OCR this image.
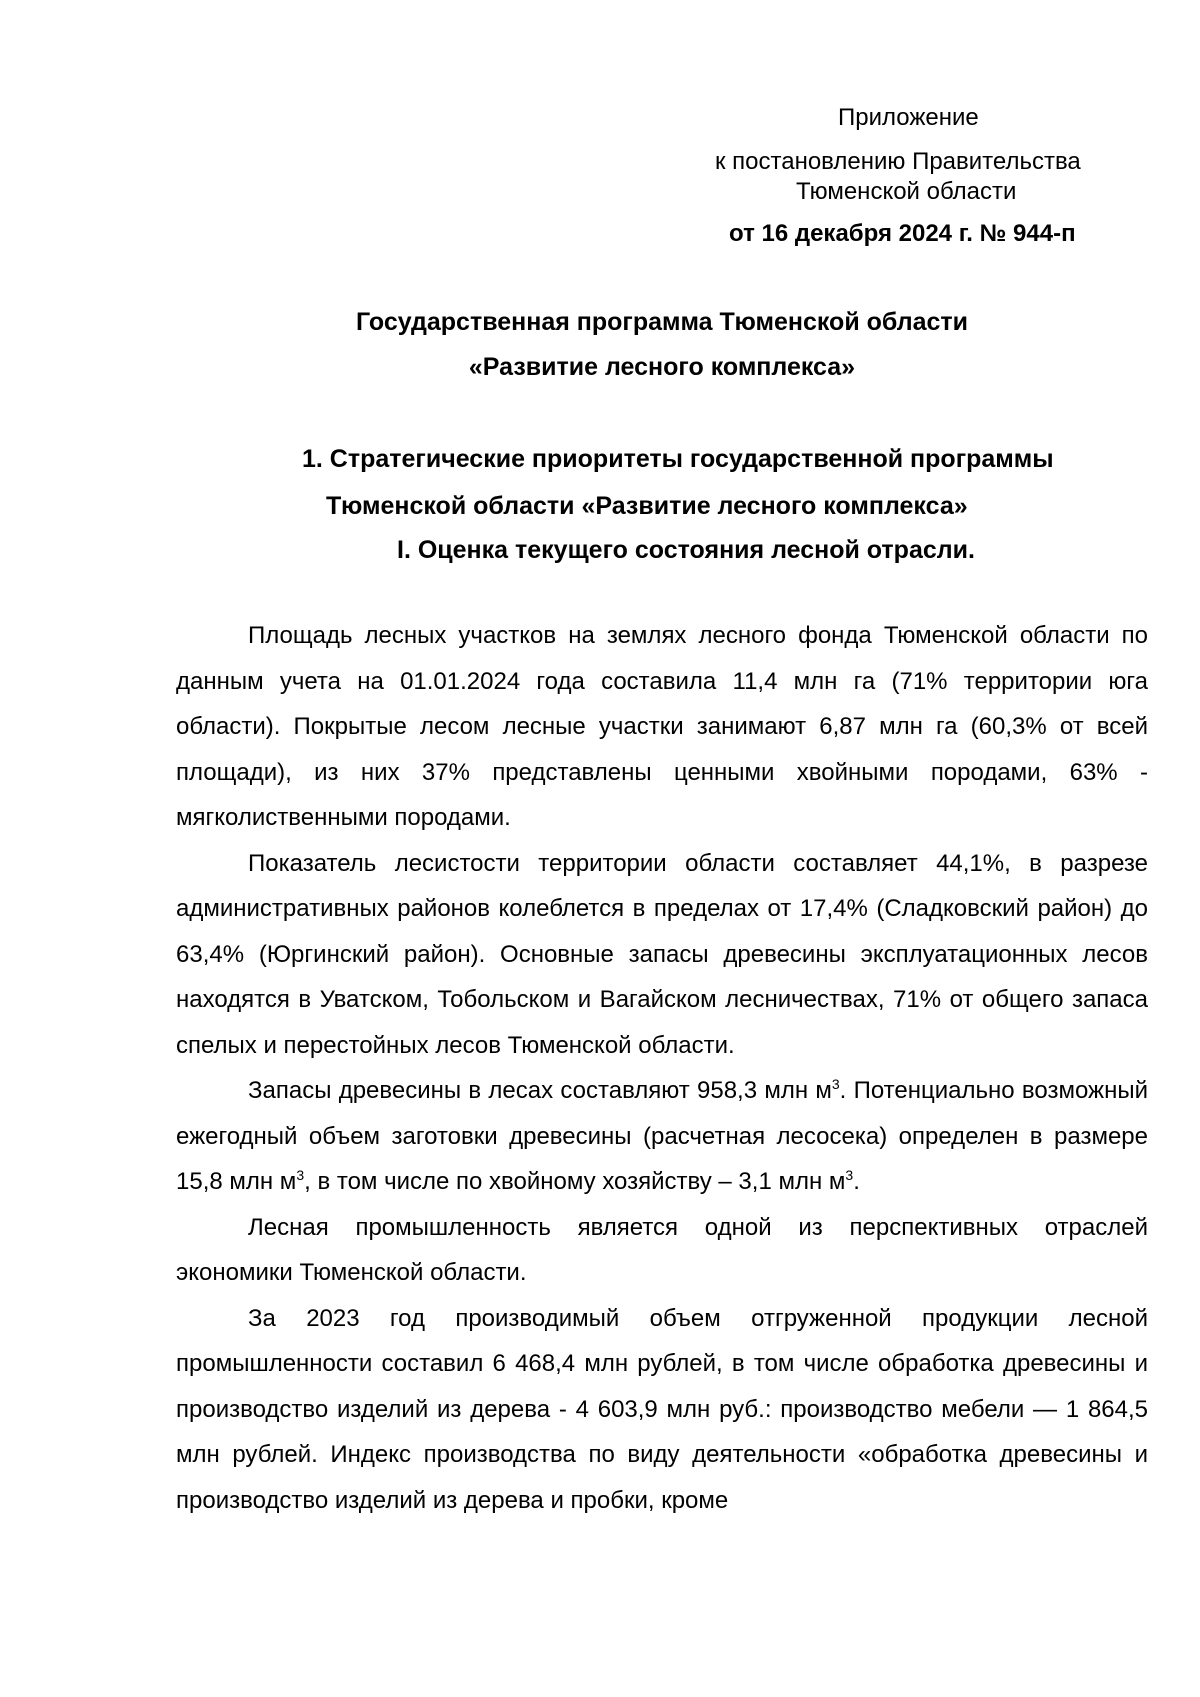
Приложение
к постановлению Правительства
Тюменской области
от 16 декабря 2024 г. № 944-п
Государственная программа Тюменской области
«Развитие лесного комплекса»
1. Стратегические приоритеты государственной программы
Тюменской области «Развитие лесного комплекса»
I. Оценка текущего состояния лесной отрасли.

Площадь лесных участков на землях лесного фонда Тюменской области по данным учета на 01.01.2024 года составила 11,4 млн га (71% территории юга области). Покрытые лесом лесные участки занимают 6,87 млн га (60,3% от всей площади), из них 37% представлены ценными хвойными породами, 63% - мягколиственными породами.

Показатель лесистости территории области составляет 44,1%, в разрезе административных районов колеблется в пределах от 17,4% (Сладковский район) до 63,4% (Юргинский район). Основные запасы древесины эксплуатационных лесов находятся в Уватском, Тобольском и Вагайском лесничествах, 71% от общего запаса спелых и перестойных лесов Тюменской области.

Запасы древесины в лесах составляют 958,3 млн $м^3$. Потенциально возможный ежегодный объем заготовки древесины (расчетная лесосека) определен в размере 15,8 млн $м^3$, в том числе по хвойному хозяйству – 3,1 млн $м^3$.

Лесная промышленность является одной из перспективных отраслей экономики Тюменской области.

За 2023 год производимый объем отгруженной продукции лесной промышленности составил 6 468,4 млн рублей, в том числе обработка древесины и производство изделий из дерева - 4 603,9 млн руб.: производство мебели — 1 864,5 млн рублей. Индекс производства по виду деятельности «обработка древесины и производство изделий из дерева и пробки, кроме
